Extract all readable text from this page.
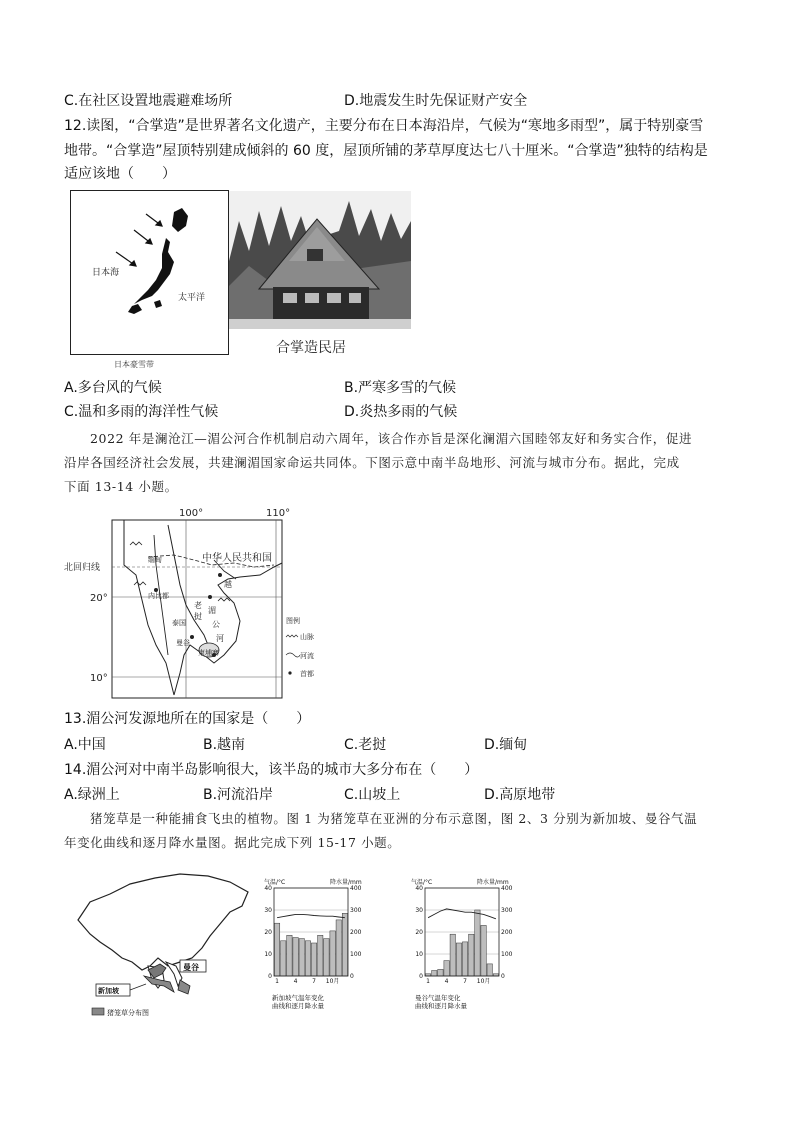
C.在社区设置地震避难场所	D.地震发生时先保证财产安全
12.读图，“合掌造”是世界著名文化遗产，主要分布在日本海沿岸，气候为“寒地多雨型”，属于特别豪雪
地带。“合掌造”屋顶特别建成倾斜的 60 度，屋顶所铺的茅草厚度达七八十厘米。“合掌造”独特的结构是
适应该地（　　）
日本海
太平洋
日本豪雪带
合掌造民居
A.多台风的气候	B.严寒多雪的气候
C.温和多雨的海洋性气候	D.炎热多雨的气候
2022 年是澜沧江—湄公河合作机制启动六周年，该合作亦旨是深化澜湄六国睦邻友好和务实合作，促进
沿岸各国经济社会发展，共建澜湄国家命运共同体。下图示意中南半岛地形、河流与城市分布。据此，完成
下面 13-14 小题。
100°	110°
北回归线
20°
10°
中华人民共和国
缅甸
内比都
泰国
曼谷
老
挝
越
柬埔寨
湄
公
河
图例
山脉
河流
首都
13.湄公河发源地所在的国家是（　　）
A.中国	B.越南	C.老挝	D.缅甸
14.湄公河对中南半岛影响很大，该半岛的城市大多分布在（　　）
A.绿洲上	B.河流沿岸	C.山坡上	D.高原地带
猪笼草是一种能捕食飞虫的植物。图 1 为猪笼草在亚洲的分布示意图，图 2、3 分别为新加坡、曼谷气温
年变化曲线和逐月降水量图。据此完成下列 15-17 小题。
曼谷
新加坡
猪笼草分布图
气温/°C	降水量/mm
0
10
20
30
40
0
100
200
300
400
1 4 7 10月
新加坡气温年变化
曲线和逐月降水量
气温/°C	降水量/mm
0
10
20
30
40
0
100
200
300
400
1 4 7 10月
曼谷气温年变化
曲线和逐月降水量
